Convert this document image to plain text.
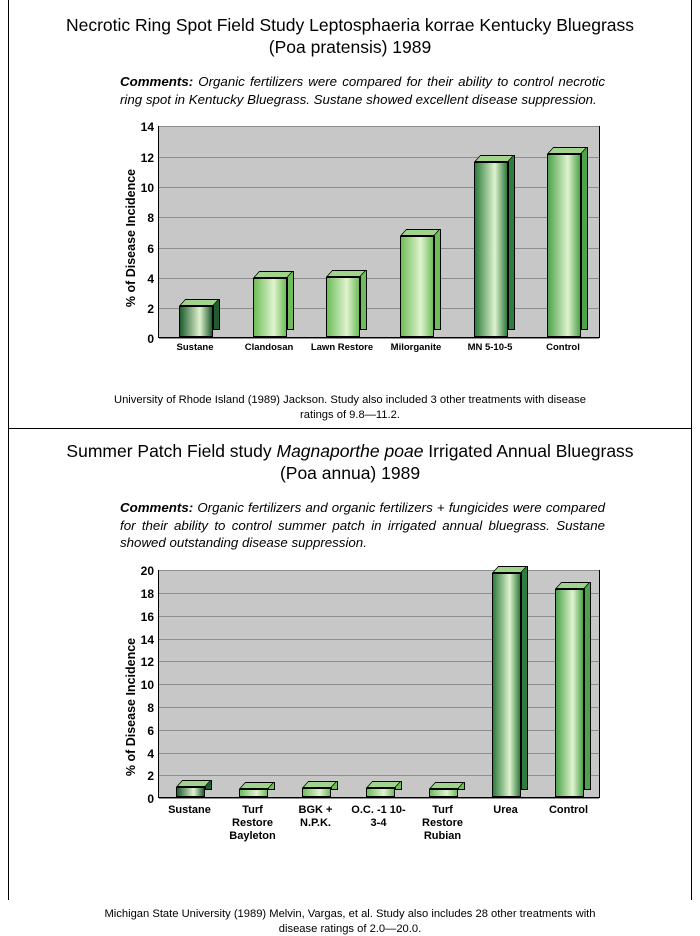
Necrotic Ring Spot Field Study Leptosphaeria korrae Kentucky Bluegrass
(Poa pratensis) 1989
Comments: Organic fertilizers were compared for their ability to control necrotic ring spot in Kentucky Bluegrass. Sustane showed excellent disease suppression.
% of Disease Incidence
0
2
4
6
8
10
12
14
Sustane	Clandosan	Lawn Restore	Milorganite	MN 5-10-5	Control
University of Rhode Island (1989) Jackson. Study also included 3 other treatments with disease ratings of 9.8—11.2.
Summer Patch Field study Magnaporthe poae Irrigated Annual Bluegrass
(Poa annua) 1989
Comments: Organic fertilizers and organic fertilizers + fungicides were compared for their ability to control summer patch in irrigated annual bluegrass. Sustane showed outstanding disease suppression.
% of Disease Incidence
0
2
4
6
8
10
12
14
16
18
20
Sustane	Turf Restore Bayleton
BGK + N.P.K.
O.C. -1 10-3-4
Turf Restore Rubian
Urea	Control
Michigan State University (1989) Melvin, Vargas, et al. Study also includes 28 other treatments with disease ratings of 2.0—20.0.
